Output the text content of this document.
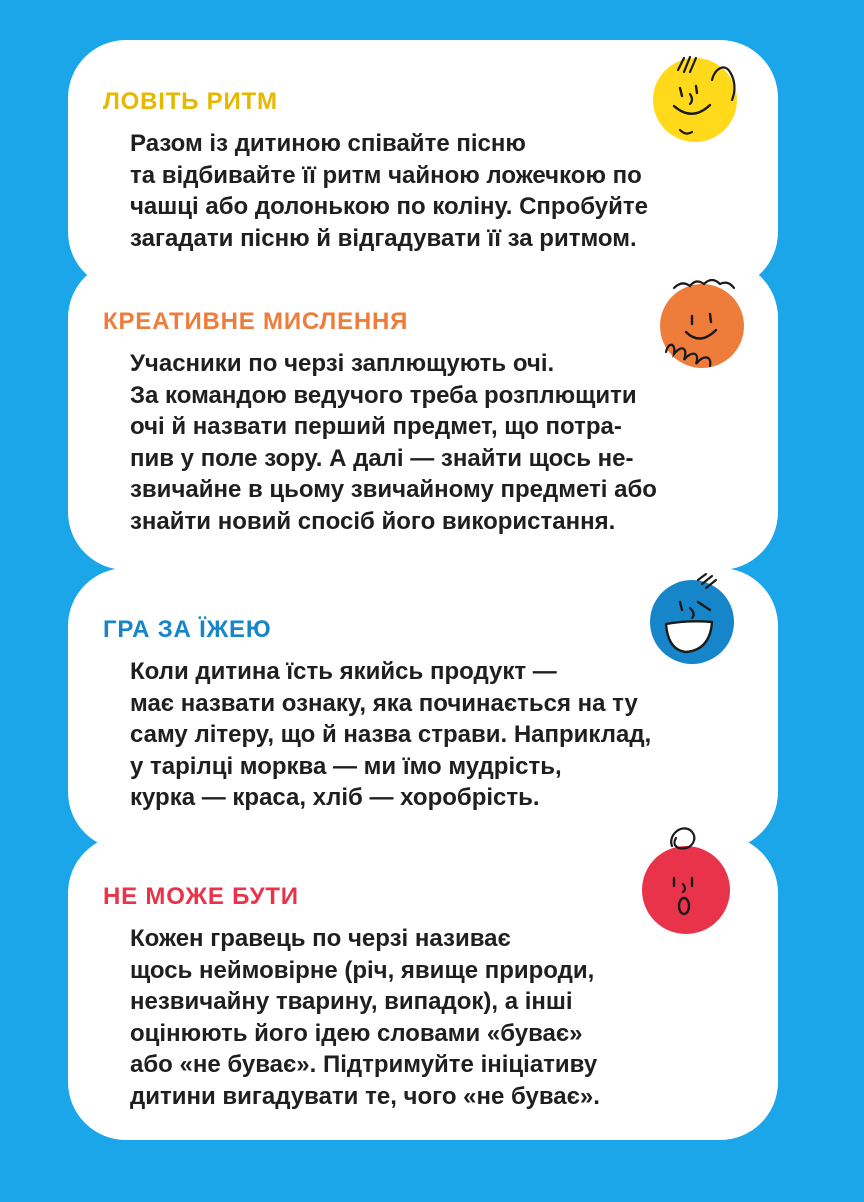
ЛОВІТЬ РИТМ
Разом із дитиною співайте пісню
та відбивайте її ритм чайною ложечкою по
чашці або долонькою по коліну. Спробуйте
загадати пісню й відгадувати її за ритмом.
КРЕАТИВНЕ МИСЛЕННЯ
Учасники по черзі заплющують очі.
За командою ведучого треба розплющити
очі й назвати перший предмет, що потра-
пив у поле зору. А далі — знайти щось не-
звичайне в цьому звичайному предметі або
знайти новий спосіб його використання.
ГРА ЗА ЇЖЕЮ
Коли дитина їсть якийсь продукт —
має назвати ознаку, яка починається на ту
саму літеру, що й назва страви. Наприклад,
у тарілці морква — ми їмо мудрість,
курка — краса, хліб — хоробрість.
НЕ МОЖЕ БУТИ
Кожен гравець по черзі називає
щось неймовірне (річ, явище природи,
незвичайну тварину, випадок), а інші
оцінюють його ідею словами «буває»
або «не буває». Підтримуйте ініціативу
дитини вигадувати те, чого «не буває».
